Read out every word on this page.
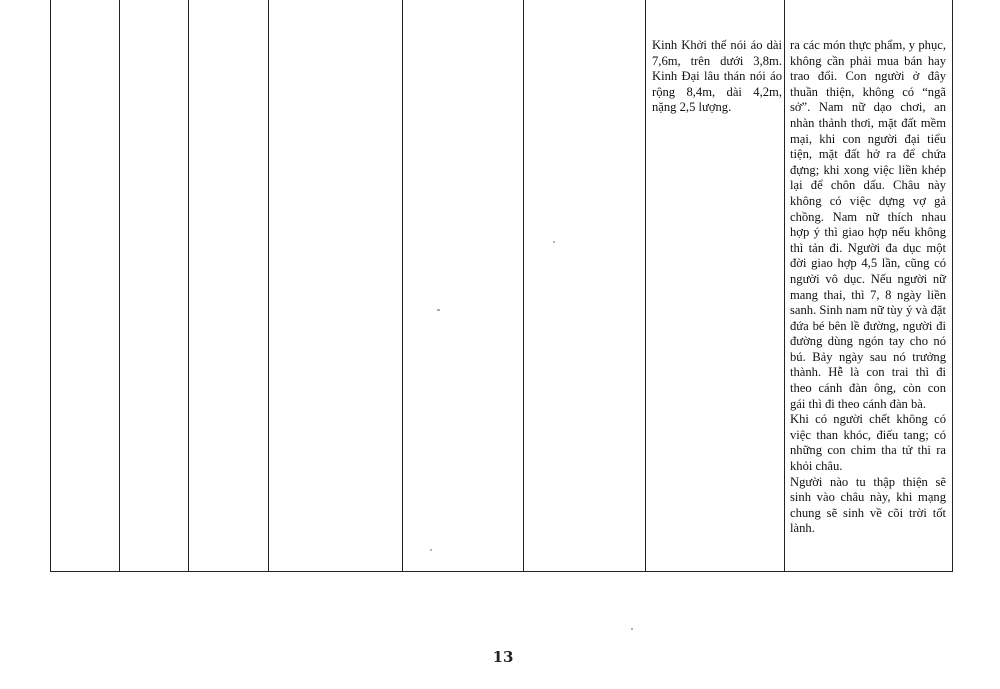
Kinh Khởi thế nói áo dài 7,6m, trên dưới 3,8m. Kinh Đại lâu thán nói áo rộng 8,4m, dài 4,2m, nặng 2,5 lượng.

ra các món thực phẩm, y phục, không cần phải mua bán hay trao đổi. Con người ở đây thuần thiện, không có “ngã sở”. Nam nữ dạo chơi, an nhàn thảnh thơi, mặt đất mềm mại, khi con người đại tiểu tiện, mặt đất hở ra để chứa đựng; khi xong việc liền khép lại để chôn dấu. Châu này không có việc dựng vợ gả chồng. Nam nữ thích nhau hợp ý thì giao hợp nếu không thì tản đi. Người đa dục một đời giao hợp 4,5 lần, cũng có người vô dục. Nếu người nữ mang thai, thì 7, 8 ngày liền sanh. Sinh nam nữ tùy ý và đặt đứa bé bên lề đường, người đi đường dùng ngón tay cho nó bú. Bảy ngày sau nó trưởng thành. Hễ là con trai thì đi theo cánh đàn ông, còn con gái thì đi theo cánh đàn bà.

Khi có người chết không có việc than khóc, điếu tang; có những con chim tha tử thi ra khỏi châu.

Người nào tu thập thiện sẽ sinh vào châu này, khi mạng chung sẽ sinh về cõi trời tốt lành.

13
